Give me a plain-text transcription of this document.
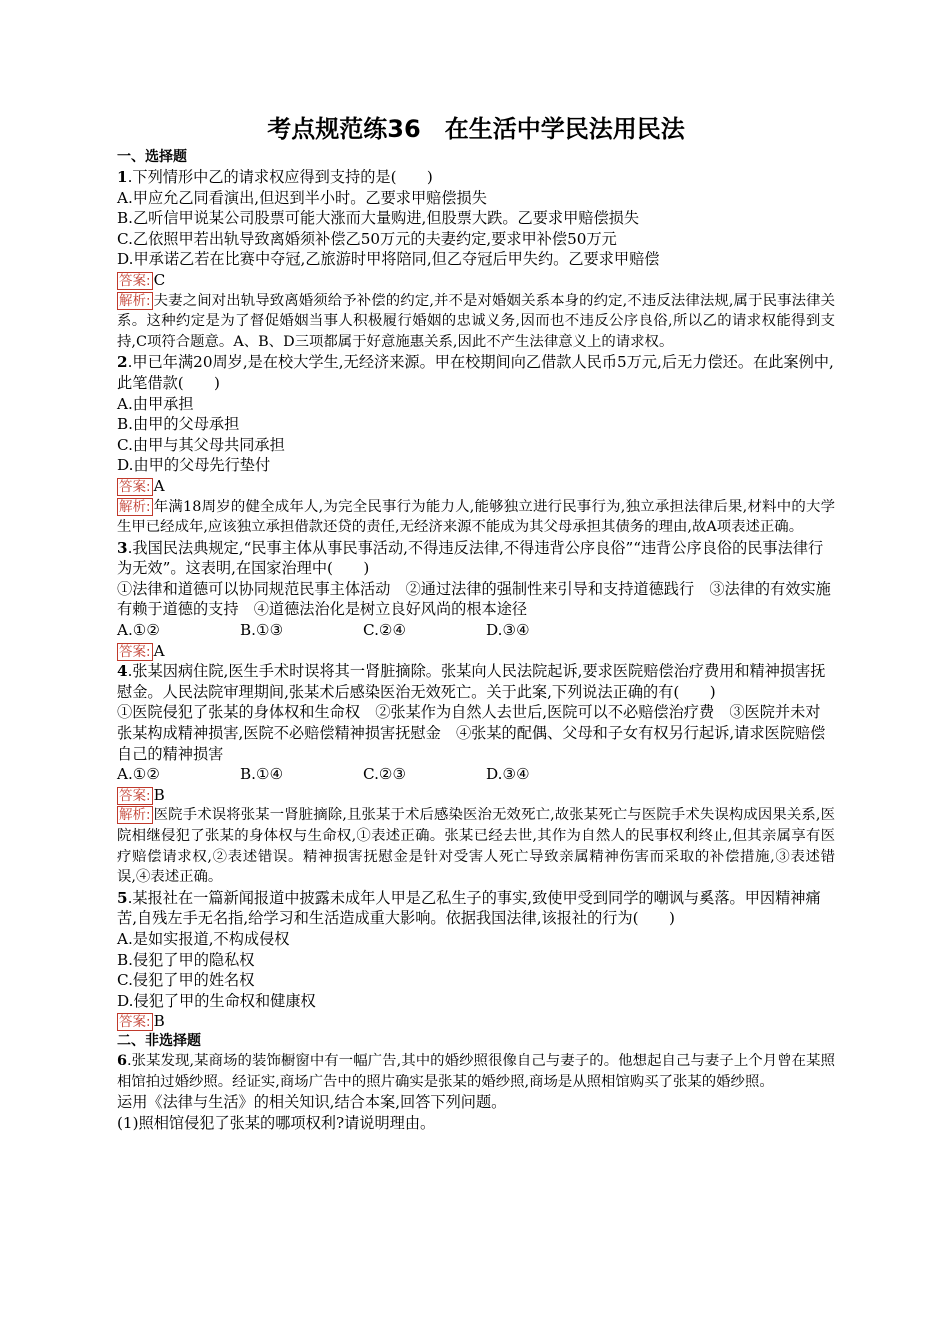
考点规范练36　在生活中学民法用民法
一、选择题
1.下列情形中乙的请求权应得到支持的是(　　)
A.甲应允乙同看演出,但迟到半小时。乙要求甲赔偿损失
B.乙听信甲说某公司股票可能大涨而大量购进,但股票大跌。乙要求甲赔偿损失
C.乙依照甲若出轨导致离婚须补偿乙50万元的夫妻约定,要求甲补偿50万元
D.甲承诺乙若在比赛中夺冠,乙旅游时甲将陪同,但乙夺冠后甲失约。乙要求甲赔偿
答案: C
解析: 夫妻之间对出轨导致离婚须给予补偿的约定,并不是对婚姻关系本身的约定,不违反法律法规,属于民事法律关系。这种约定是为了督促婚姻当事人积极履行婚姻的忠诚义务,因而也不违反公序良俗,所以乙的请求权能得到支持,C项符合题意。A、B、D三项都属于好意施惠关系,因此不产生法律意义上的请求权。
2.甲已年满20周岁,是在校大学生,无经济来源。甲在校期间向乙借款人民币5万元,后无力偿还。在此案例中,此笔借款(　　)
A.由甲承担
B.由甲的父母承担
C.由甲与其父母共同承担
D.由甲的父母先行垫付
答案: A
解析: 年满18周岁的健全成年人,为完全民事行为能力人,能够独立进行民事行为,独立承担法律后果,材料中的大学生甲已经成年,应该独立承担借款还贷的责任,无经济来源不能成为其父母承担其债务的理由,故A项表述正确。
3.我国民法典规定,“民事主体从事民事活动,不得违反法律,不得违背公序良俗”“违背公序良俗的民事法律行为无效”。这表明,在国家治理中(　　)
①法律和道德可以协同规范民事主体活动　②通过法律的强制性来引导和支持道德践行　③法律的有效实施有赖于道德的支持　④道德法治化是树立良好风尚的根本途径
A.①②	B.①③	C.②④	D.③④
答案: A
4.张某因病住院,医生手术时误将其一肾脏摘除。张某向人民法院起诉,要求医院赔偿治疗费用和精神损害抚慰金。人民法院审理期间,张某术后感染医治无效死亡。关于此案,下列说法正确的有(　　)
①医院侵犯了张某的身体权和生命权　②张某作为自然人去世后,医院可以不必赔偿治疗费　③医院并未对张某构成精神损害,医院不必赔偿精神损害抚慰金　④张某的配偶、父母和子女有权另行起诉,请求医院赔偿自己的精神损害
A.①②	B.①④	C.②③	D.③④
答案: B
解析: 医院手术误将张某一肾脏摘除,且张某于术后感染医治无效死亡,故张某死亡与医院手术失误构成因果关系,医院相继侵犯了张某的身体权与生命权,①表述正确。张某已经去世,其作为自然人的民事权利终止,但其亲属享有医疗赔偿请求权,②表述错误。精神损害抚慰金是针对受害人死亡导致亲属精神伤害而采取的补偿措施,③表述错误,④表述正确。
5.某报社在一篇新闻报道中披露未成年人甲是乙私生子的事实,致使甲受到同学的嘲讽与奚落。甲因精神痛苦,自残左手无名指,给学习和生活造成重大影响。依据我国法律,该报社的行为(　　)
A.是如实报道,不构成侵权
B.侵犯了甲的隐私权
C.侵犯了甲的姓名权
D.侵犯了甲的生命权和健康权
答案: B
二、非选择题
6.张某发现,某商场的装饰橱窗中有一幅广告,其中的婚纱照很像自己与妻子的。他想起自己与妻子上个月曾在某照相馆拍过婚纱照。经证实,商场广告中的照片确实是张某的婚纱照,商场是从照相馆购买了张某的婚纱照。
运用《法律与生活》的相关知识,结合本案,回答下列问题。
(1)照相馆侵犯了张某的哪项权利?请说明理由。
